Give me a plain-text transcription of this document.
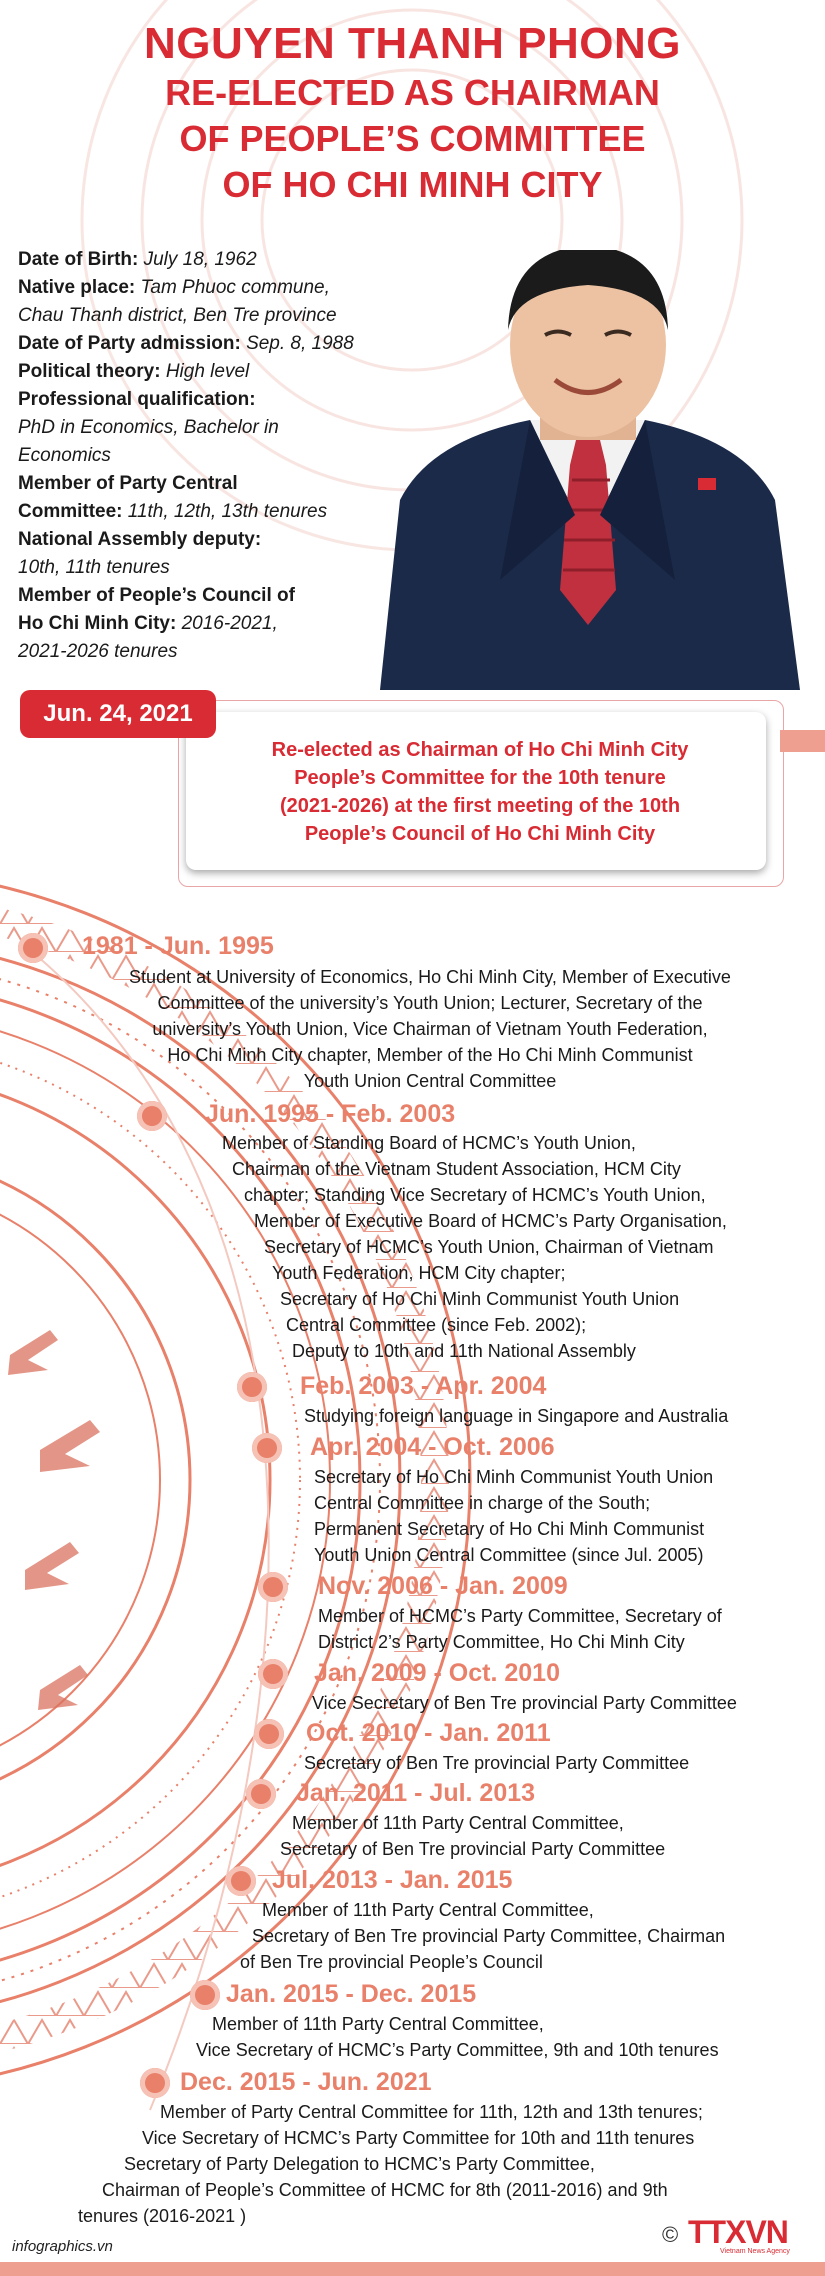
NGUYEN THANH PHONG
RE-ELECTED AS CHAIRMAN
OF PEOPLE’S COMMITTEE
OF HO CHI MINH CITY
Date of Birth: July 18, 1962
Native place: Tam Phuoc commune,
Chau Thanh district, Ben Tre province
Date of Party admission: Sep. 8, 1988
Political theory: High level
Professional qualification:
PhD in Economics, Bachelor in
Economics
Member of Party Central
Committee: 11th, 12th, 13th tenures
National Assembly deputy:
10th, 11th tenures
Member of People’s Council of
Ho Chi Minh City: 2016-2021,
2021-2026 tenures
Jun. 24, 2021
Re-elected as Chairman of Ho Chi Minh City
People’s Committee for the 10th tenure
(2021-2026) at the first meeting of the 10th
People’s Council of Ho Chi Minh City
1981 - Jun. 1995
Student at University of Economics, Ho Chi Minh City, Member of Executive
Committee of the university’s Youth Union; Lecturer, Secretary of the
university’s Youth Union, Vice Chairman of Vietnam Youth Federation,
Ho Chi Minh City chapter, Member of the Ho Chi Minh Communist
Youth Union Central Committee
Jun. 1995 - Feb. 2003
Member of Standing Board of HCMC’s Youth Union,
Chairman of the Vietnam Student Association, HCM City
chapter; Standing Vice Secretary of HCMC’s Youth Union,
Member of Executive Board of HCMC’s Party Organisation,
Secretary of HCMC’s Youth Union, Chairman of Vietnam
Youth Federation, HCM City chapter;
Secretary of Ho Chi Minh Communist Youth Union
Central Committee (since Feb. 2002);
Deputy to 10th and 11th National Assembly
Feb. 2003 - Apr. 2004
Studying foreign language in Singapore and Australia
Apr. 2004 - Oct. 2006
Secretary of Ho Chi Minh Communist Youth Union
Central Committee in charge of the South;
Permanent Secretary of Ho Chi Minh Communist
Youth Union Central Committee (since Jul. 2005)
Nov. 2006 - Jan. 2009
Member of HCMC’s Party Committee, Secretary of
District 2’s Party Committee, Ho Chi Minh City
Jan. 2009 - Oct. 2010
Vice Secretary of Ben Tre provincial Party Committee
Oct. 2010 - Jan. 2011
Secretary of Ben Tre provincial Party Committee
Jan. 2011 - Jul. 2013
Member of 11th Party Central Committee,
Secretary of Ben Tre provincial Party Committee
Jul. 2013 - Jan. 2015
Member of 11th Party Central Committee,
Secretary of Ben Tre provincial Party Committee, Chairman
of Ben Tre provincial People’s Council
Jan. 2015 - Dec. 2015
Member of 11th Party Central Committee,
Vice Secretary of HCMC’s Party Committee, 9th and 10th tenures
Dec. 2015 - Jun. 2021
Member of Party Central Committee for 11th, 12th and 13th tenures;
Vice Secretary of HCMC’s Party Committee for 10th and 11th tenures
Secretary of Party Delegation to HCMC’s Party Committee,
Chairman of People’s Committee of HCMC for 8th (2011-2016) and 9th
tenures (2016-2021 )
infographics.vn	© TTXVN
Vietnam News Agency
